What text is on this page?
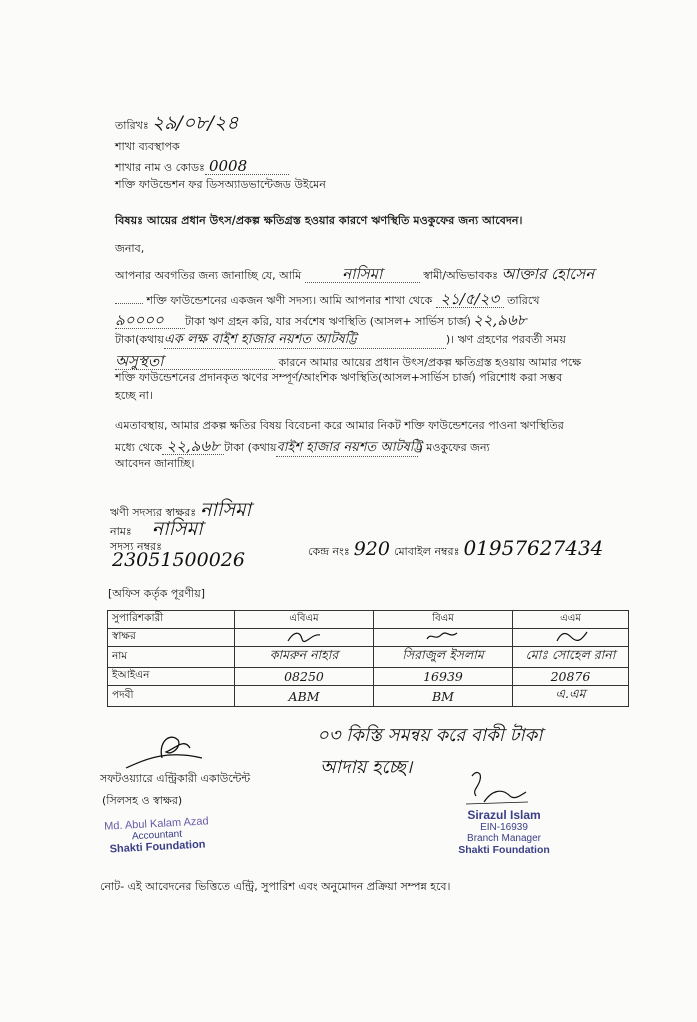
তারিখঃ ২৯/০৮/২৪
শাখা ব্যবস্থাপক
শাখার নাম ও কোডঃ 0008
শক্তি ফাউন্ডেশন ফর ডিসঅ্যাডভান্টেজড উইমেন
বিষয়ঃ আয়ের প্রধান উৎস/প্রকল্প ক্ষতিগ্রস্ত হওয়ার কারণে ঋণস্থিতি মওকুফের জন্য আবেদন।
জনাব,
আপনার অবগতির জন্য জানাচ্ছি যে, আমি	নাসিমা	স্বামী/অভিভাবকঃ আক্তার হোসেন
শক্তি ফাউন্ডেশনের একজন ঋণী সদস্য। আমি আপনার শাখা থেকে ২১/৫/২৩ তারিখে
৯০০০০ টাকা ঋণ গ্রহন করি, যার সর্বশেষ ঋণস্থিতি (আসল+ সার্ভিস চার্জ) ২২,৯৬৮
টাকা(কথায়এক লক্ষ বাইশ হাজার নয়শত আটষট্টি	)। ঋণ গ্রহণের পরবর্তী সময়
অসুস্থতা	কারনে আমার আয়ের প্রধান উৎস/প্রকল্প ক্ষতিগ্রস্ত হওয়ায় আমার পক্ষে
শক্তি ফাউন্ডেশনের প্রদানকৃত ঋণের সম্পূর্ণ/আংশিক ঋণস্থিতি(আসল+সার্ভিস চার্জ) পরিশোধ করা সম্ভব
হচ্ছে না।
এমতাবস্থায়, আমার প্রকল্প ক্ষতির বিষয় বিবেচনা করে আমার নিকট শক্তি ফাউন্ডেশনের পাওনা ঋণস্থিতির
মধ্যে থেকে ২২,৯৬৮ টাকা (কথায়বাইশ হাজার নয়শত আটষট্টি) মওকুফের জন্য
আবেদন জানাচ্ছি।
ঋণী সদস্যর স্বাক্ষরঃ নাসিমা
নামঃ নাসিমা
সদস্য নম্বরঃ
23051500026	কেন্দ্র নংঃ 920 মোবাইল নম্বরঃ 01957627434
[অফিস কর্তৃক পূরণীয়]
সুপারিশকারী	এবিএম	বিএম	এএম
স্বাক্ষর			
নাম	কামরুন নাহার	সিরাজুল ইসলাম	মোঃ সোহেল রানা
ইআইএন	08250	16939	20876
পদবী	ABM	BM	এ.এম
০৩ কিস্তি সমন্বয় করে বাকী টাকা
আদায় হচ্ছে।
সফটওয়্যারে এন্ট্রিকারী একাউন্টেন্ট
(সিলসহ ও স্বাক্ষর)
Md. Abul Kalam Azad
Accountant
Shakti Foundation
Sirazul Islam
EIN-16939
Branch Manager
Shakti Foundation
নোট- এই আবেদনের ভিত্তিতে এন্ট্রি, সুপারিশ এবং অনুমোদন প্রক্রিয়া সম্পন্ন হবে।
